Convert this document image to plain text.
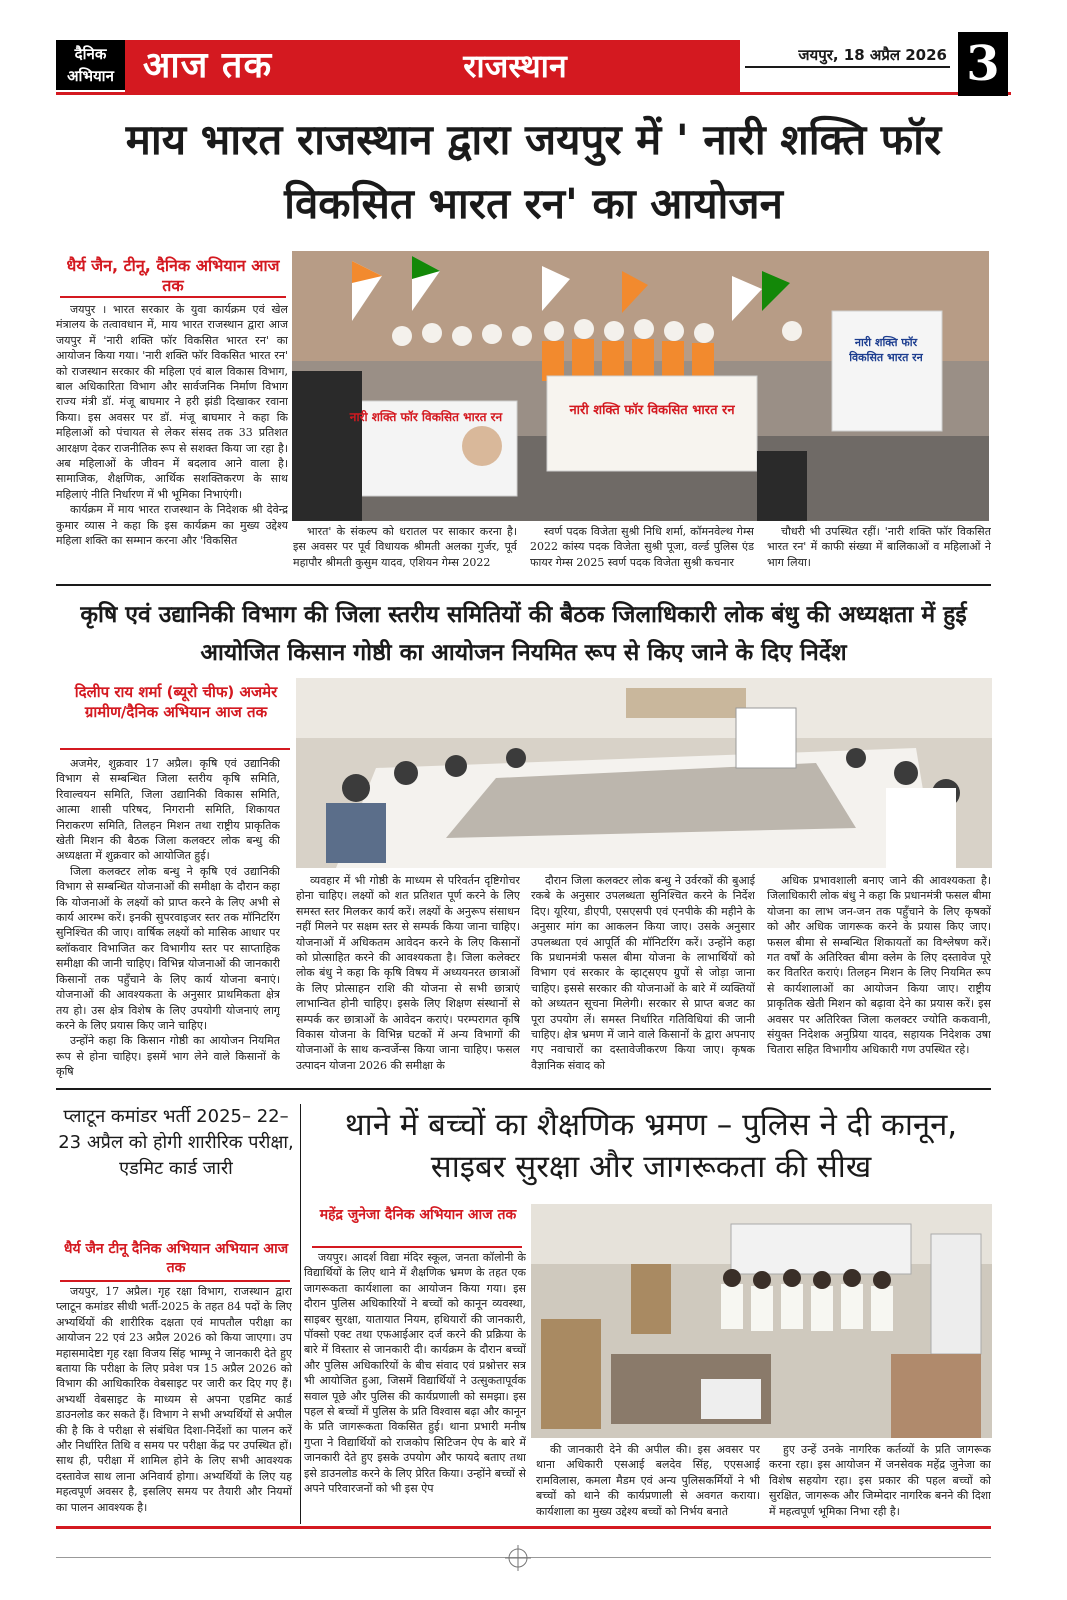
दैनिक अभियान आज तक	राजस्थान	जयपुर, 18 अप्रैल 2026 3
माय भारत राजस्थान द्वारा जयपुर में ' नारी शक्ति फॉर विकसित भारत रन' का आयोजन
धैर्य जैन, टीनू, दैनिक अभियान आज तक

जयपुर । भारत सरकार के युवा कार्यक्रम एवं खेल मंत्रालय के तत्वावधान में, माय भारत राजस्थान द्वारा आज जयपुर में 'नारी शक्ति फॉर विकसित भारत रन' का आयोजन किया गया। 'नारी शक्ति फॉर विकसित भारत रन' को राजस्थान सरकार की महिला एवं बाल विकास विभाग, बाल अधिकारिता विभाग और सार्वजनिक निर्माण विभाग राज्य मंत्री डॉ. मंजू बाघमार ने हरी झंडी दिखाकर रवाना किया। इस अवसर पर डॉ. मंजू बाघमार ने कहा कि महिलाओं को पंचायत से लेकर संसद तक 33 प्रतिशत आरक्षण देकर राजनीतिक रूप से सशक्त किया जा रहा है। अब महिलाओं के जीवन में बदलाव आने वाला है। सामाजिक, शैक्षणिक, आर्थिक सशक्तिकरण के साथ महिलाएं नीति निर्धारण में भी भूमिका निभाएंगी।

कार्यक्रम में माय भारत राजस्थान के निदेशक श्री देवेन्द्र कुमार व्यास ने कहा कि इस कार्यक्रम का मुख्य उद्देश्य महिला शक्ति का सम्मान करना और 'विकसित

नारी शक्ति फॉर विकसित भारत रन	नारी शक्ति फॉर विकसित भारत रन
नारी शक्ति फॉर विकसित भारत रन

भारत' के संकल्प को धरातल पर साकार करना है। इस अवसर पर पूर्व विधायक श्रीमती अलका गुर्जर, पूर्व महापौर श्रीमती कुसुम यादव, एशियन गेम्स 2022

स्वर्ण पदक विजेता सुश्री निधि शर्मा, कॉमनवेल्थ गेम्स 2022 कांस्य पदक विजेता सुश्री पूजा, वर्ल्ड पुलिस एंड फायर गेम्स 2025 स्वर्ण पदक विजेता सुश्री कचनार

चौधरी भी उपस्थित रहीं। 'नारी शक्ति फॉर विकसित भारत रन' में काफी संख्या में बालिकाओं व महिलाओं ने भाग लिया।

कृषि एवं उद्यानिकी विभाग की जिला स्तरीय समितियों की बैठक जिलाधिकारी लोक बंधु की अध्यक्षता में हुई आयोजित किसान गोष्ठी का आयोजन नियमित रूप से किए जाने के दिए निर्देश
दिलीप राय शर्मा (ब्यूरो चीफ) अजमेर ग्रामीण/दैनिक अभियान आज तक

अजमेर, शुक्रवार 17 अप्रैल। कृषि एवं उद्यानिकी विभाग से सम्बन्धित जिला स्तरीय कृषि समिति, रिवाल्वयन समिति, जिला उद्यानिकी विकास समिति, आत्मा शासी परिषद, निगरानी समिति, शिकायत निराकरण समिति, तिलहन मिशन तथा राष्ट्रीय प्राकृतिक खेती मिशन की बैठक जिला कलक्टर लोक बन्धु की अध्यक्षता में शुक्रवार को आयोजित हुई।

जिला कलक्टर लोक बन्धु ने कृषि एवं उद्यानिकी विभाग से सम्बन्धित योजनाओं की समीक्षा के दौरान कहा कि योजनाओं के लक्ष्यों को प्राप्त करने के लिए अभी से कार्य आरम्भ करें। इनकी सुपरवाइजर स्तर तक मॉनिटरिंग सुनिश्चित की जाए। वार्षिक लक्ष्यों को मासिक आधार पर ब्लॉकवार विभाजित कर विभागीय स्तर पर साप्ताहिक समीक्षा की जानी चाहिए। विभिन्न योजनाओं की जानकारी किसानों तक पहुँचाने के लिए कार्य योजना बनाएं। योजनाओं की आवश्यकता के अनुसार प्राथमिकता क्षेत्र तय हो। उस क्षेत्र विशेष के लिए उपयोगी योजनाएं लागू करने के लिए प्रयास किए जाने चाहिए।

उन्होंने कहा कि किसान गोष्ठी का आयोजन नियमित रूप से होना चाहिए। इसमें भाग लेने वाले किसानों के कृषि

व्यवहार में भी गोष्ठी के माध्यम से परिवर्तन दृष्टिगोचर होना चाहिए। लक्ष्यों को शत प्रतिशत पूर्ण करने के लिए समस्त स्तर मिलकर कार्य करें। लक्ष्यों के अनुरूप संसाधन नहीं मिलने पर सक्षम स्तर से सम्पर्क किया जाना चाहिए। योजनाओं में अधिकतम आवेदन करने के लिए किसानों को प्रोत्साहित करने की आवश्यकता है। जिला कलेक्टर लोक बंधु ने कहा कि कृषि विषय में अध्ययनरत छात्राओं के लिए प्रोत्साहन राशि की योजना से सभी छात्राएं लाभान्वित होनी चाहिए। इसके लिए शिक्षण संस्थानों से सम्पर्क कर छात्राओं के आवेदन कराएं। परम्परागत कृषि विकास योजना के विभिन्न घटकों में अन्य विभागों की योजनाओं के साथ कन्वर्जेन्स किया जाना चाहिए। फसल उत्पादन योजना 2026 की समीक्षा के

दौरान जिला कलक्टर लोक बन्धु ने उर्वरकों की बुआई रकबे के अनुसार उपलब्धता सुनिश्चित करने के निर्देश दिए। यूरिया, डीएपी, एसएसपी एवं एनपीके की महीने के अनुसार मांग का आकलन किया जाए। उसके अनुसार उपलब्धता एवं आपूर्ति की मॉनिटरिंग करें। उन्होंने कहा कि प्रधानमंत्री फसल बीमा योजना के लाभार्थियों को विभाग एवं सरकार के व्हाट्सएप ग्रुपों से जोड़ा जाना चाहिए। इससे सरकार की योजनाओं के बारे में व्यक्तियों को अध्यतन सूचना मिलेगी। सरकार से प्राप्त बजट का पूरा उपयोग लें। समस्त निर्धारित गतिविधियां की जानी चाहिए। क्षेत्र भ्रमण में जाने वाले किसानों के द्वारा अपनाए गए नवाचारों का दस्तावेजीकरण किया जाए। कृषक वैज्ञानिक संवाद को

अधिक प्रभावशाली बनाए जाने की आवश्यकता है। जिलाधिकारी लोक बंधु ने कहा कि प्रधानमंत्री फसल बीमा योजना का लाभ जन-जन तक पहुँचाने के लिए कृषकों को और अधिक जागरूक करने के प्रयास किए जाए। फसल बीमा से सम्बन्धित शिकायतों का विश्लेषण करें। गत वर्षों के अतिरिक्त बीमा क्लेम के लिए दस्तावेज पूरे कर वितरित कराएं। तिलहन मिशन के लिए नियमित रूप से कार्यशालाओं का आयोजन किया जाए। राष्ट्रीय प्राकृतिक खेती मिशन को बढ़ावा देने का प्रयास करें। इस अवसर पर अतिरिक्त जिला कलक्टर ज्योति ककवानी, संयुक्त निदेशक अनुप्रिया यादव, सहायक निदेशक उषा चितारा सहित विभागीय अधिकारी गण उपस्थित रहे।

प्लाटून कमांडर भर्ती 2025– 22–23 अप्रैल को होगी शारीरिक परीक्षा, एडमिट कार्ड जारी
धैर्य जैन टीनू दैनिक अभियान अभियान आज तक

जयपुर, 17 अप्रैल। गृह रक्षा विभाग, राजस्थान द्वारा प्लाटून कमांडर सीधी भर्ती-2025 के तहत 84 पदों के लिए अभ्यर्थियों की शारीरिक दक्षता एवं मापतौल परीक्षा का आयोजन 22 एवं 23 अप्रैल 2026 को किया जाएगा। उप महासमादेष्टा गृह रक्षा विजय सिंह भाम्भू ने जानकारी देते हुए बताया कि परीक्षा के लिए प्रवेश पत्र 15 अप्रैल 2026 को विभाग की आधिकारिक वेबसाइट पर जारी कर दिए गए हैं। अभ्यर्थी वेबसाइट के माध्यम से अपना एडमिट कार्ड डाउनलोड कर सकते हैं। विभाग ने सभी अभ्यर्थियों से अपील की है कि वे परीक्षा से संबंधित दिशा-निर्देशों का पालन करें और निर्धारित तिथि व समय पर परीक्षा केंद्र पर उपस्थित हों। साथ ही, परीक्षा में शामिल होने के लिए सभी आवश्यक दस्तावेज साथ लाना अनिवार्य होगा। अभ्यर्थियों के लिए यह महत्वपूर्ण अवसर है, इसलिए समय पर तैयारी और नियमों का पालन आवश्यक है।

थाने में बच्चों का शैक्षणिक भ्रमण – पुलिस ने दी कानून, साइबर सुरक्षा और जागरूकता की सीख
महेंद्र जुनेजा दैनिक अभियान आज तक

जयपुर। आदर्श विद्या मंदिर स्कूल, जनता कॉलोनी के विद्यार्थियों के लिए थाने में शैक्षणिक भ्रमण के तहत एक जागरूकता कार्यशाला का आयोजन किया गया। इस दौरान पुलिस अधिकारियों ने बच्चों को कानून व्यवस्था, साइबर सुरक्षा, यातायात नियम, हथियारों की जानकारी, पॉक्सो एक्ट तथा एफआईआर दर्ज करने की प्रक्रिया के बारे में विस्तार से जानकारी दी। कार्यक्रम के दौरान बच्चों और पुलिस अधिकारियों के बीच संवाद एवं प्रश्नोत्तर सत्र भी आयोजित हुआ, जिसमें विद्यार्थियों ने उत्सुकतापूर्वक सवाल पूछे और पुलिस की कार्यप्रणाली को समझा। इस पहल से बच्चों में पुलिस के प्रति विश्वास बढ़ा और कानून के प्रति जागरूकता विकसित हुई। थाना प्रभारी मनीष गुप्ता ने विद्यार्थियों को राजकोप सिटिजन ऐप के बारे में जानकारी देते हुए इसके उपयोग और फायदे बताए तथा इसे डाउनलोड करने के लिए प्रेरित किया। उन्होंने बच्चों से अपने परिवारजनों को भी इस ऐप

की जानकारी देने की अपील की। इस अवसर पर थाना अधिकारी एसआई बलदेव सिंह, एएसआई रामविलास, कमला मैडम एवं अन्य पुलिसकर्मियों ने भी बच्चों को थाने की कार्यप्रणाली से अवगत कराया। कार्यशाला का मुख्य उद्देश्य बच्चों को निर्भय बनाते

हुए उन्हें उनके नागरिक कर्तव्यों के प्रति जागरूक करना रहा। इस आयोजन में जनसेवक महेंद्र जुनेजा का विशेष सहयोग रहा। इस प्रकार की पहल बच्चों को सुरक्षित, जागरूक और जिम्मेदार नागरिक बनने की दिशा में महत्वपूर्ण भूमिका निभा रही है।
